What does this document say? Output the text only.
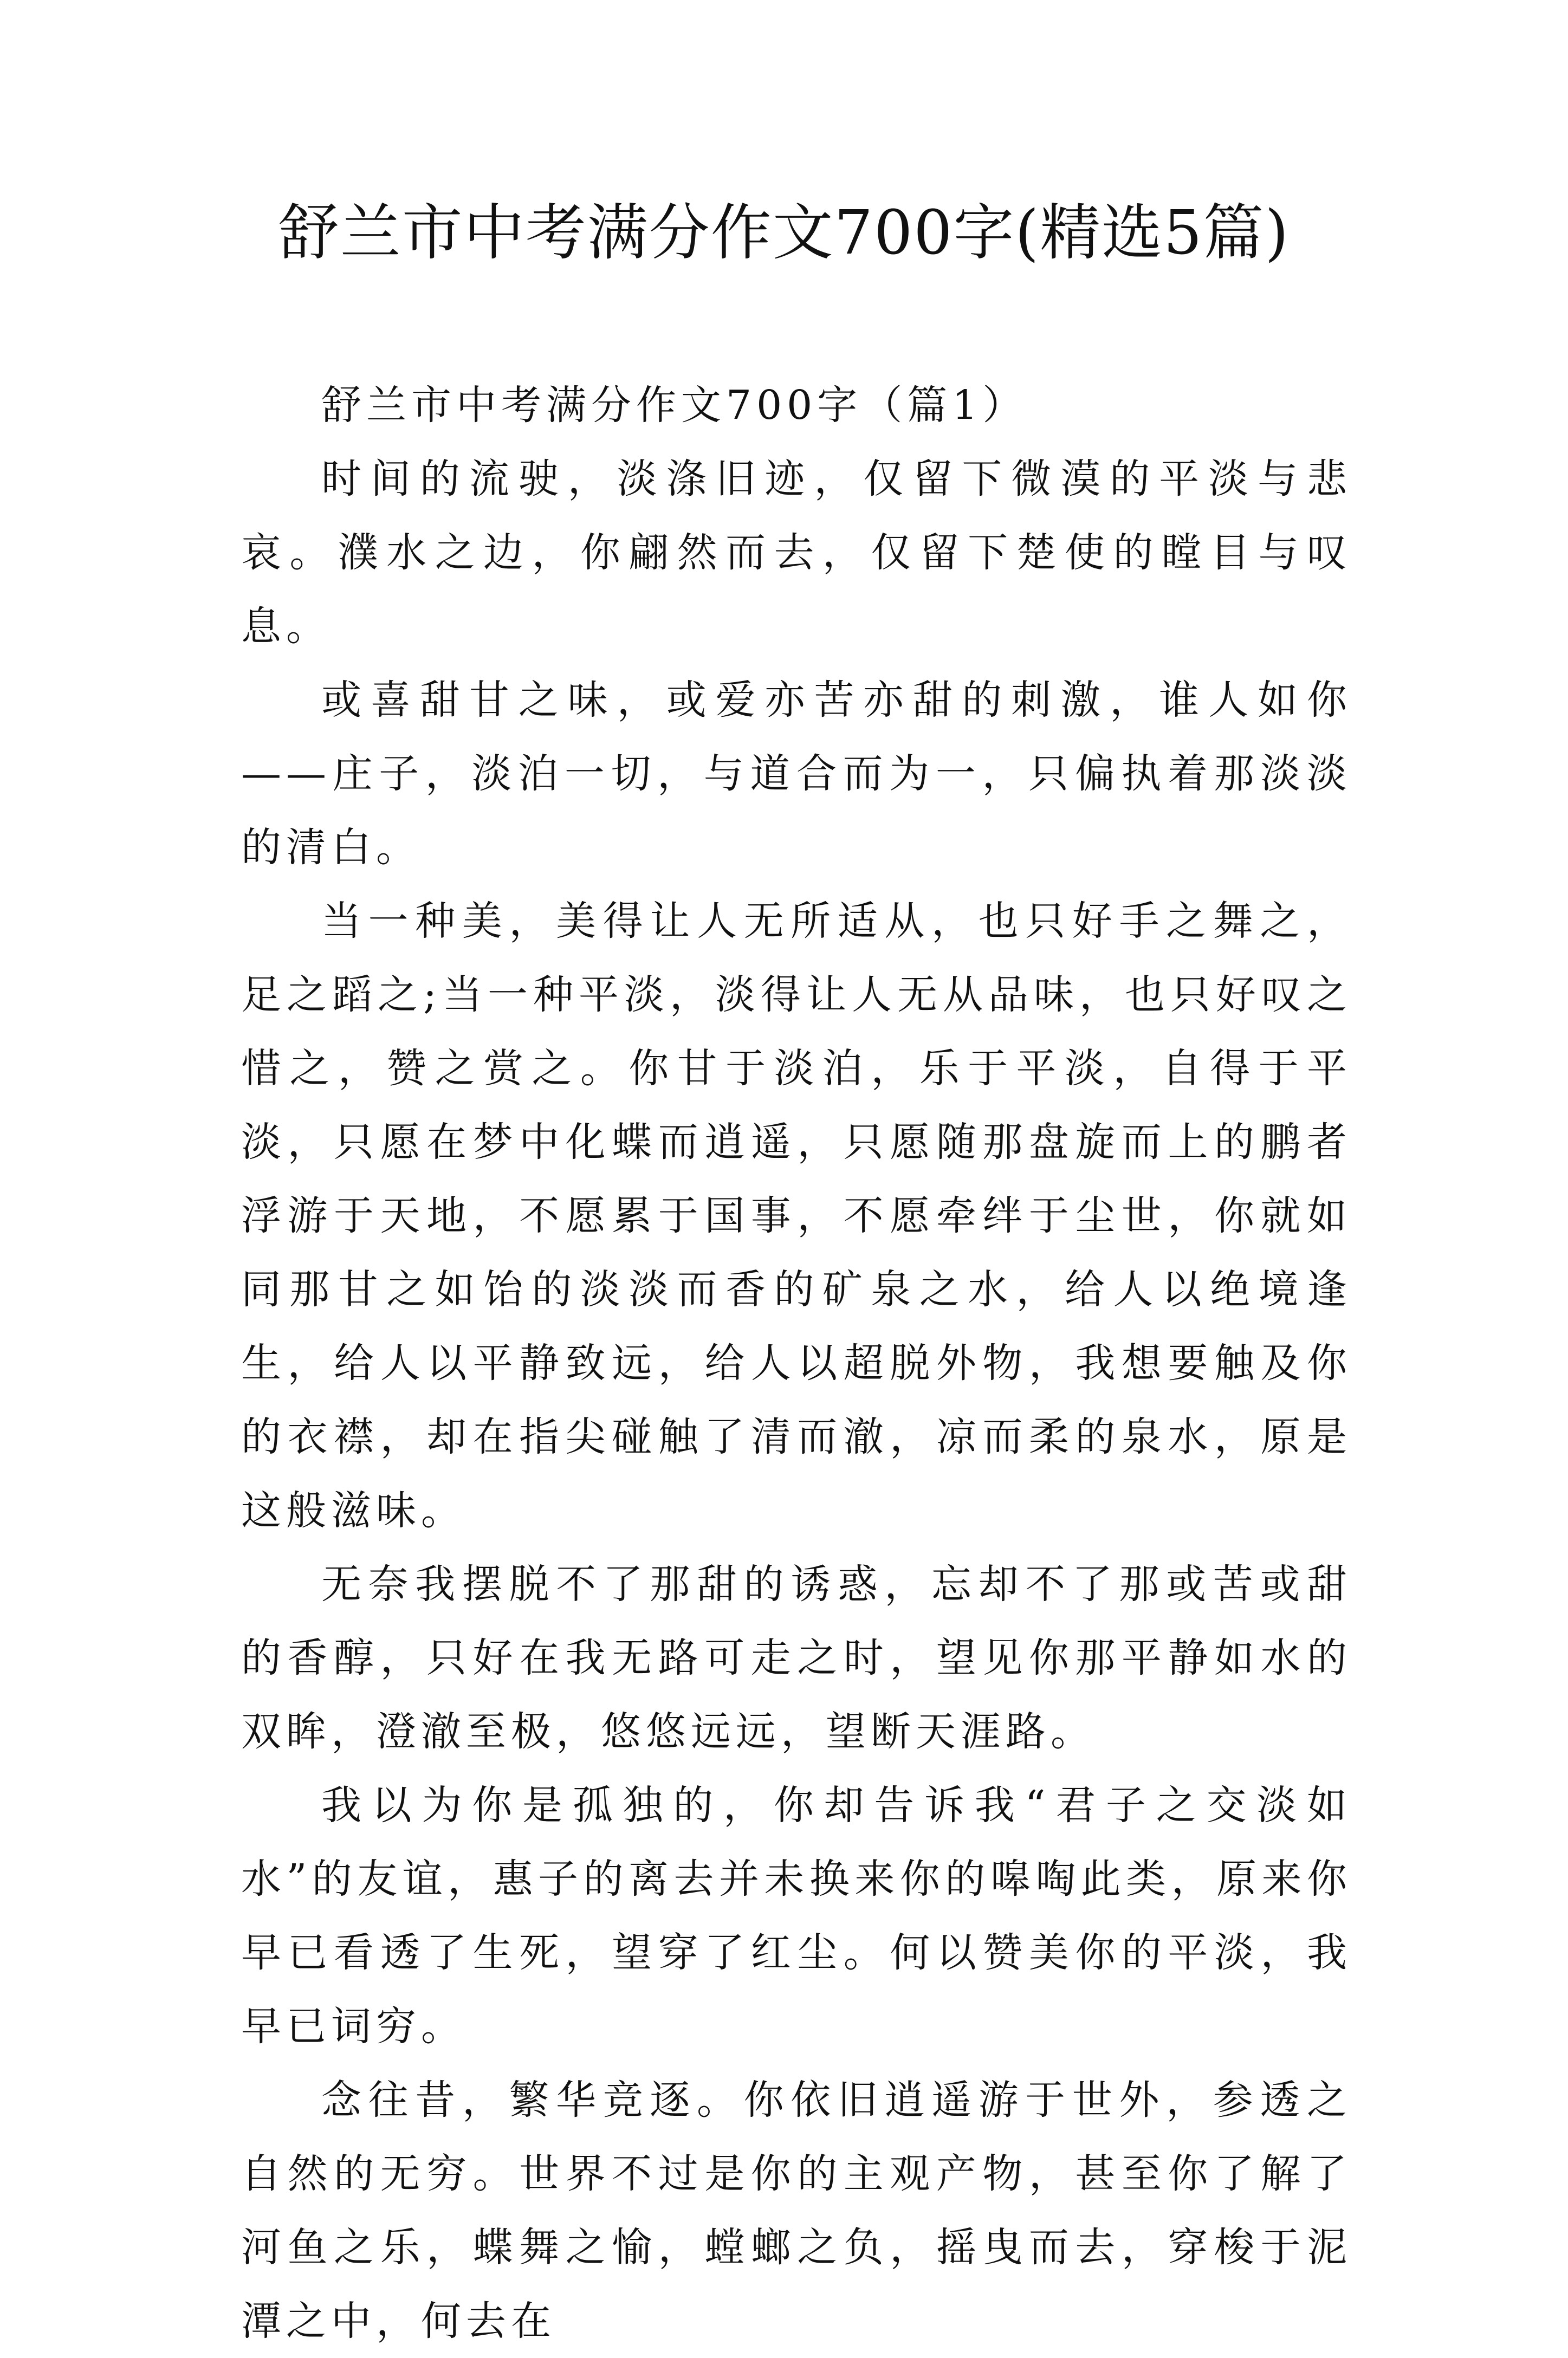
舒兰市中考满分作文700字(精选5篇)

舒兰市中考满分作文700字（篇1）

时间的流驶，淡涤旧迹，仅留下微漠的平淡与悲哀。濮水之边，你翩然而去，仅留下楚使的瞠目与叹息。

或喜甜甘之味，或爱亦苦亦甜的刺激，谁人如你——庄子，淡泊一切，与道合而为一，只偏执着那淡淡的清白。

当一种美，美得让人无所适从，也只好手之舞之，足之蹈之;当一种平淡，淡得让人无从品味，也只好叹之惜之，赞之赏之。你甘于淡泊，乐于平淡，自得于平淡，只愿在梦中化蝶而逍遥，只愿随那盘旋而上的鹏者浮游于天地，不愿累于国事，不愿牵绊于尘世，你就如同那甘之如饴的淡淡而香的矿泉之水，给人以绝境逢生，给人以平静致远，给人以超脱外物，我想要触及你的衣襟，却在指尖碰触了清而澈，凉而柔的泉水，原是这般滋味。

无奈我摆脱不了那甜的诱惑，忘却不了那或苦或甜的香醇，只好在我无路可走之时，望见你那平静如水的双眸，澄澈至极，悠悠远远，望断天涯路。

我以为你是孤独的，你却告诉我“君子之交淡如水”的友谊，惠子的离去并未换来你的嗥啕此类，原来你早已看透了生死，望穿了红尘。何以赞美你的平淡，我早已词穷。

念往昔，繁华竞逐。你依旧逍遥游于世外，参透之自然的无穷。世界不过是你的主观产物，甚至你了解了河鱼之乐，蝶舞之愉，螳螂之负，摇曳而去，穿梭于泥潭之中，何去在
